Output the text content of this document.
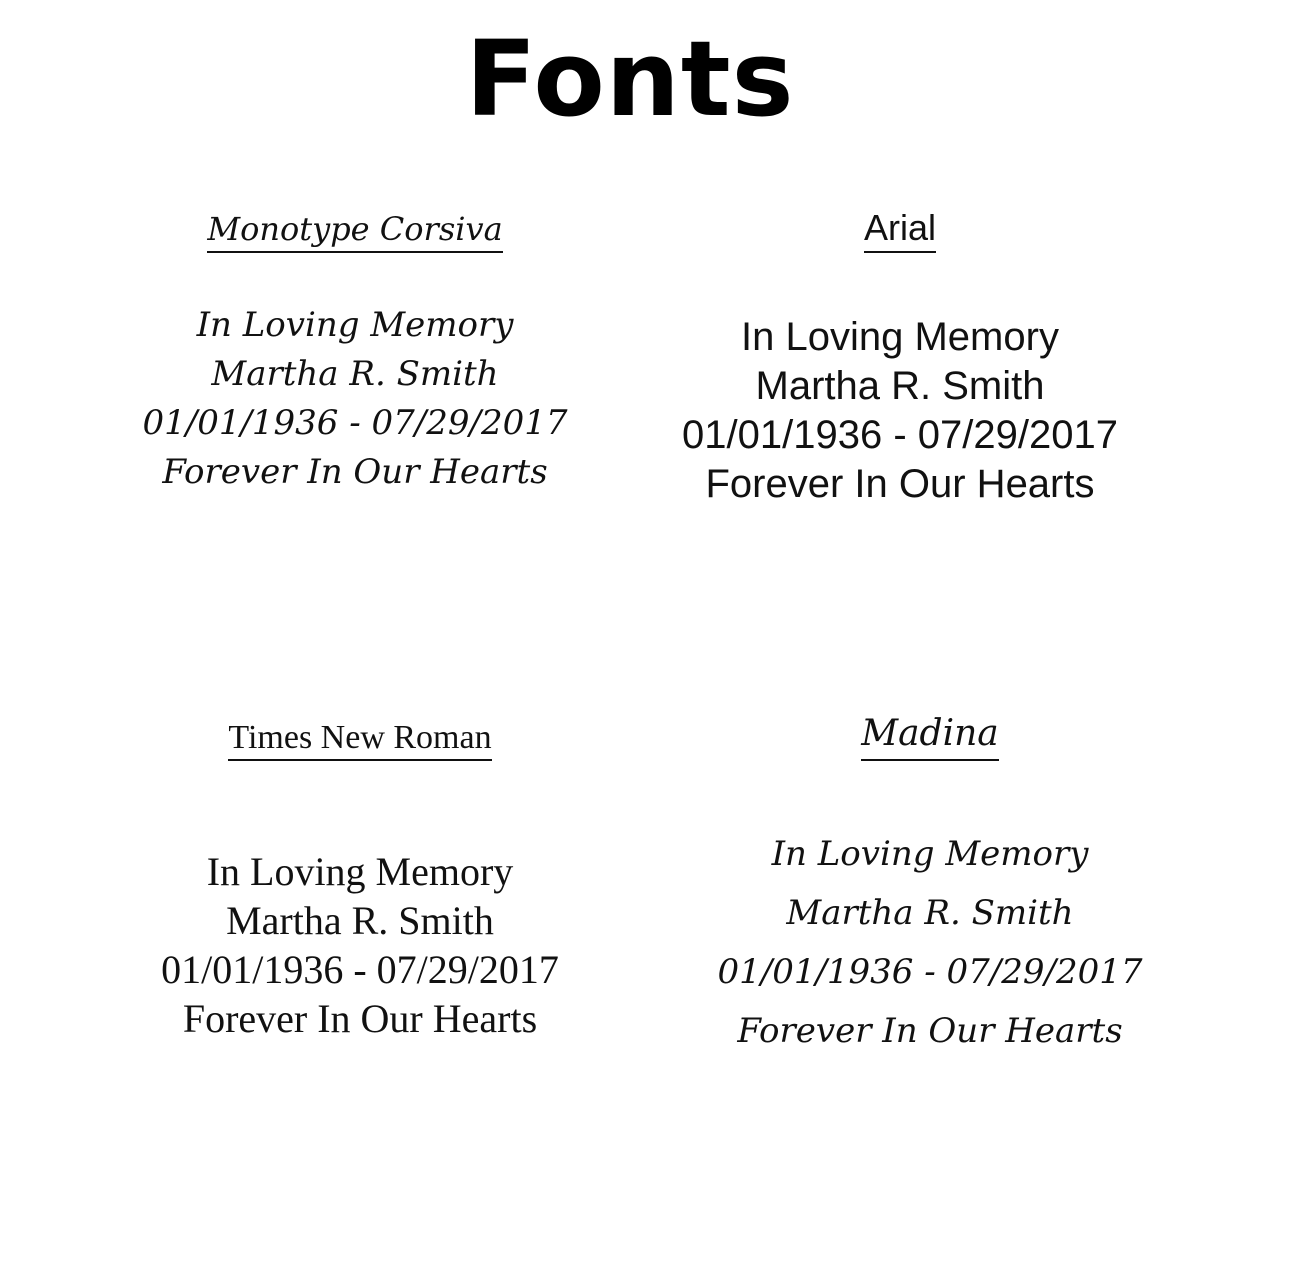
Fonts
Monotype Corsiva
In Loving Memory
Martha R. Smith
01/01/1936 - 07/29/2017
Forever In Our Hearts
Arial
In Loving Memory
Martha R. Smith
01/01/1936 - 07/29/2017
Forever In Our Hearts
Times New Roman
In Loving Memory
Martha R. Smith
01/01/1936 - 07/29/2017
Forever In Our Hearts
Madina
In Loving Memory
Martha R. Smith
01/01/1936 - 07/29/2017
Forever In Our Hearts
